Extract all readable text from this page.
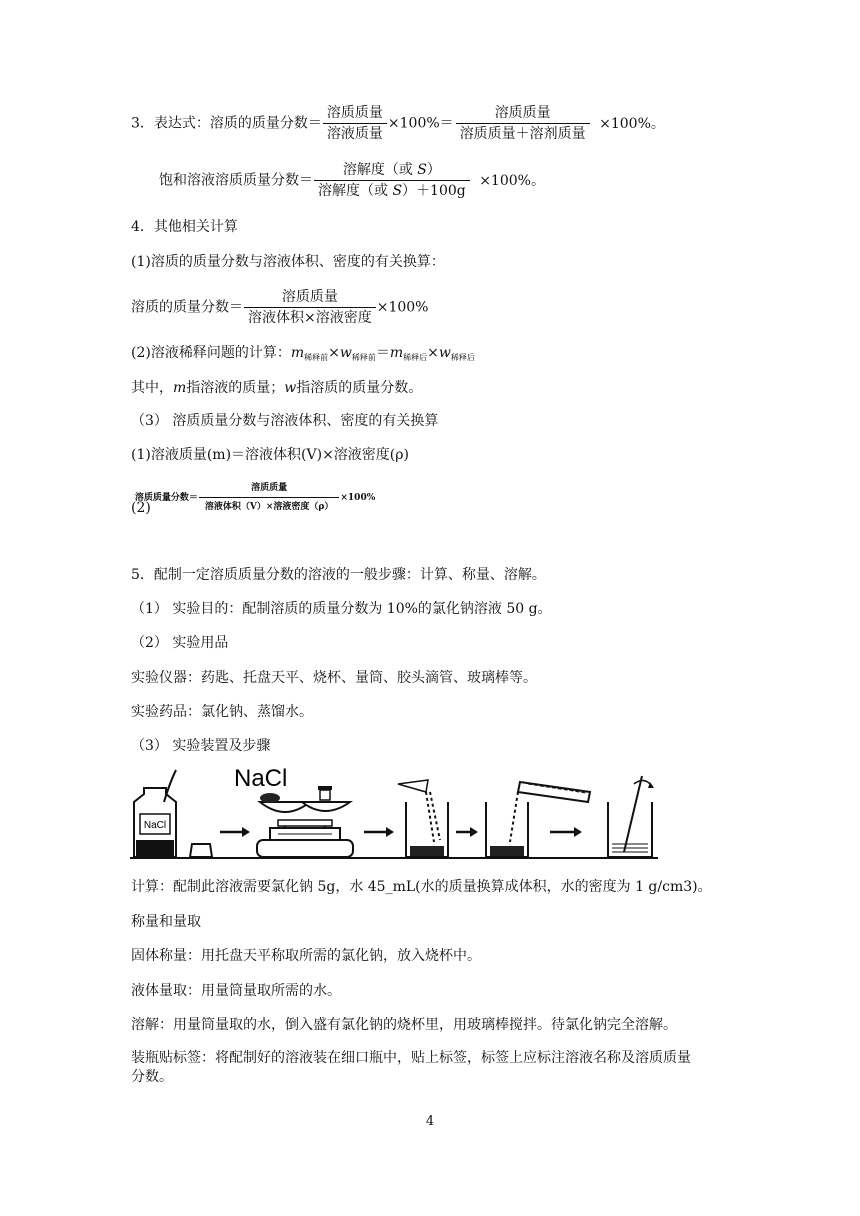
3．表达式：溶质的质量分数＝ $\frac{\text{溶质质量}}{\text{溶液质量}} \times 100\%= \frac{\text{溶质质量}}{\text{溶质质量＋溶剂质量}} \times 100\%$。
饱和溶液溶质质量分数＝ $\frac{\text{溶解度（或 S）}}{\text{溶解度（或 S）＋100g}} \times 100\%$。
4．其他相关计算
(1)溶质的质量分数与溶液体积、密度的有关换算：
溶质的质量分数＝ $\frac{\text{溶质质量}}{\text{溶液体积×溶液密度}} \times 100\%$
(2)溶液稀释问题的计算：$m_{稀释前}\times w_{稀释前}=m_{稀释后}\times w_{稀释后}$
其中，m指溶液的质量；w指溶质的质量分数。
（3） 溶质质量分数与溶液体积、密度的有关换算
(1)溶液质量(m)＝溶液体积(V)×溶液密度(ρ)
$(2)^{溶质质量分数= \frac{\text{溶质质量}}{\text{溶液体积（V）×溶液密度（ρ）}} \times 100\%}$
5．配制一定溶质质量分数的溶液的一般步骤：计算、称量、溶解。
（1） 实验目的：配制溶质的质量分数为 10%的氯化钠溶液 50 g。
（2） 实验用品
实验仪器：药匙、托盘天平、烧杯、量筒、胶头滴管、玻璃棒等。
实验药品：氯化钠、蒸馏水。
（3） 实验装置及步骤
NaCl
NaCl
计算：配制此溶液需要氯化钠 5g，水 45_mL(水的质量换算成体积，水的密度为 1 g/cm3)。
称量和量取
固体称量：用托盘天平称取所需的氯化钠，放入烧杯中。
液体量取：用量筒量取所需的水。
溶解：用量筒量取的水，倒入盛有氯化钠的烧杯里，用玻璃棒搅拌。待氯化钠完全溶解。
装瓶贴标签：将配制好的溶液装在细口瓶中，贴上标签，标签上应标注溶液名称及溶质质量
分数。
4
